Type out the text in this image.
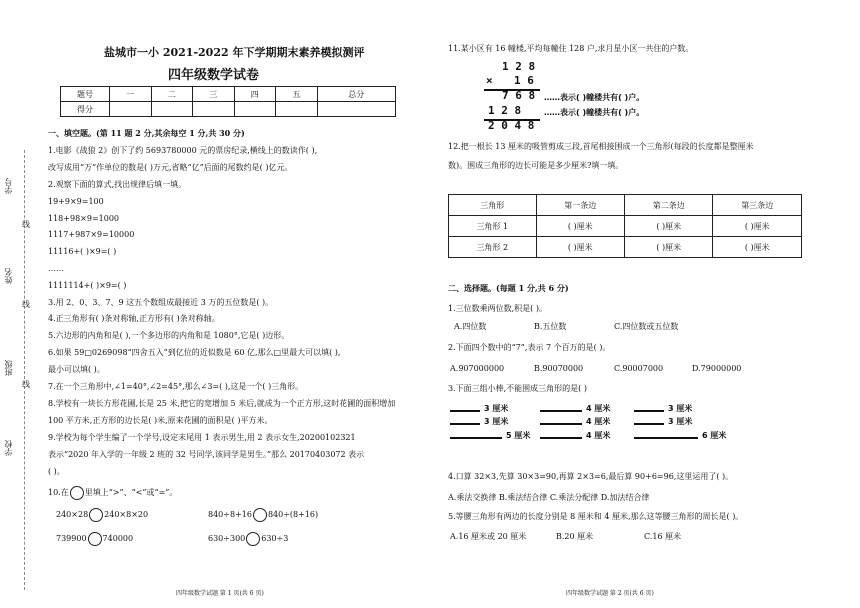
学号
姓名
班级
学校
线
线
线
盐城市一小 2021-2022 年下学期期末素养模拟测评
四年级数学试卷
题号	一	二	三	四	五	总分
得分						
一、填空题。(第 11 题 2 分,其余每空 1 分,共 30 分)
1.电影《战狼 2》创下了约 5693780000 元的票房纪录,横线上的数读作( ),
改写成用“万”作单位的数是( )万元,省略“亿”后面的尾数约是( )亿元。
2.观察下面的算式,找出规律后填一填。
19+9×9=100
118+98×9=1000
1117+987×9=10000
11116+( )×9=( )
……
1111114+( )×9=( )
3.用 2、0、3、7、9 这五个数组成最接近 3 万的五位数是( )。
4.正三角形有( )条对称轴,正方形有( )条对称轴。
5.六边形的内角和是( ),一个多边形的内角和是 1080°,它是( )边形。
6.如果 59□0269098“四舍五入”到亿位的近似数是 60 亿,那么□里最大可以填( ),
最小可以填( )。
7.在一个三角形中,∠1=40°,∠2=45°,那么∠3=( ),这是一个( )三角形。
8.学校有一块长方形花圃,长是 25 米,把它的宽增加 5 米后,就成为一个正方形,这时花圃的面积增加
100 平方米,正方形的边长是( )米,原来花圃的面积是( )平方米。
9.学校为每个学生编了一个学号,设定末尾用 1 表示男生,用 2 表示女生,20200102321
表示“2020 年入学的一年级 2 班的 32 号同学,该同学是男生。”那么 20170403072 表示
( )。
10.在 里填上“>”、“<”或“=”。
240×28 240×8×20	840÷8+16 840÷(8+16)
739900 740000	630÷300 630÷3
四年级数学试题 第 1 页(共 6 页)
11.某小区有 16 幢楼,平均每幢住 128 户,求月星小区一共住的户数。
1 2 8
× 1 6
7 6 8
1 2 8
2 0 4 8
……表示( )幢楼共有( )户。
……表示( )幢楼共有( )户。
12.把一根长 13 厘米的吸管剪成三段,首尾相接围成一个三角形(每段的长度都是整厘米
数)。围成三角形的边长可能是多少厘米?填一填。
三角形	第一条边	第二条边	第三条边
三角形 1	( )厘米	( )厘米	( )厘米
三角形 2	( )厘米	( )厘米	( )厘米
二、选择题。(每题 1 分,共 6 分)
1.三位数乘两位数,积是( )。
A.四位数	B.五位数	C.四位数或五位数
2.下面四个数中的“7”,表示 7 个百万的是( )。
A.907000000	B.90070000	C.90007000	D.79000000
3.下面三组小棒,不能围成三角形的是( )
3 厘米
3 厘米
5 厘米
4 厘米
4 厘米
4 厘米
3 厘米
3 厘米
6 厘米
4.口算 32×3,先算 30×3=90,再算 2×3=6,最后算 90+6=96,这里运用了( )。
A.乘法交换律 B.乘法结合律 C.乘法分配律 D.加法结合律
5.等腰三角形有两边的长度分别是 8 厘米和 4 厘米,那么这等腰三角形的周长是( )。
A.16 厘米或 20 厘米	B.20 厘米	C.16 厘米
四年级数学试题 第 2 页(共 6 页)
